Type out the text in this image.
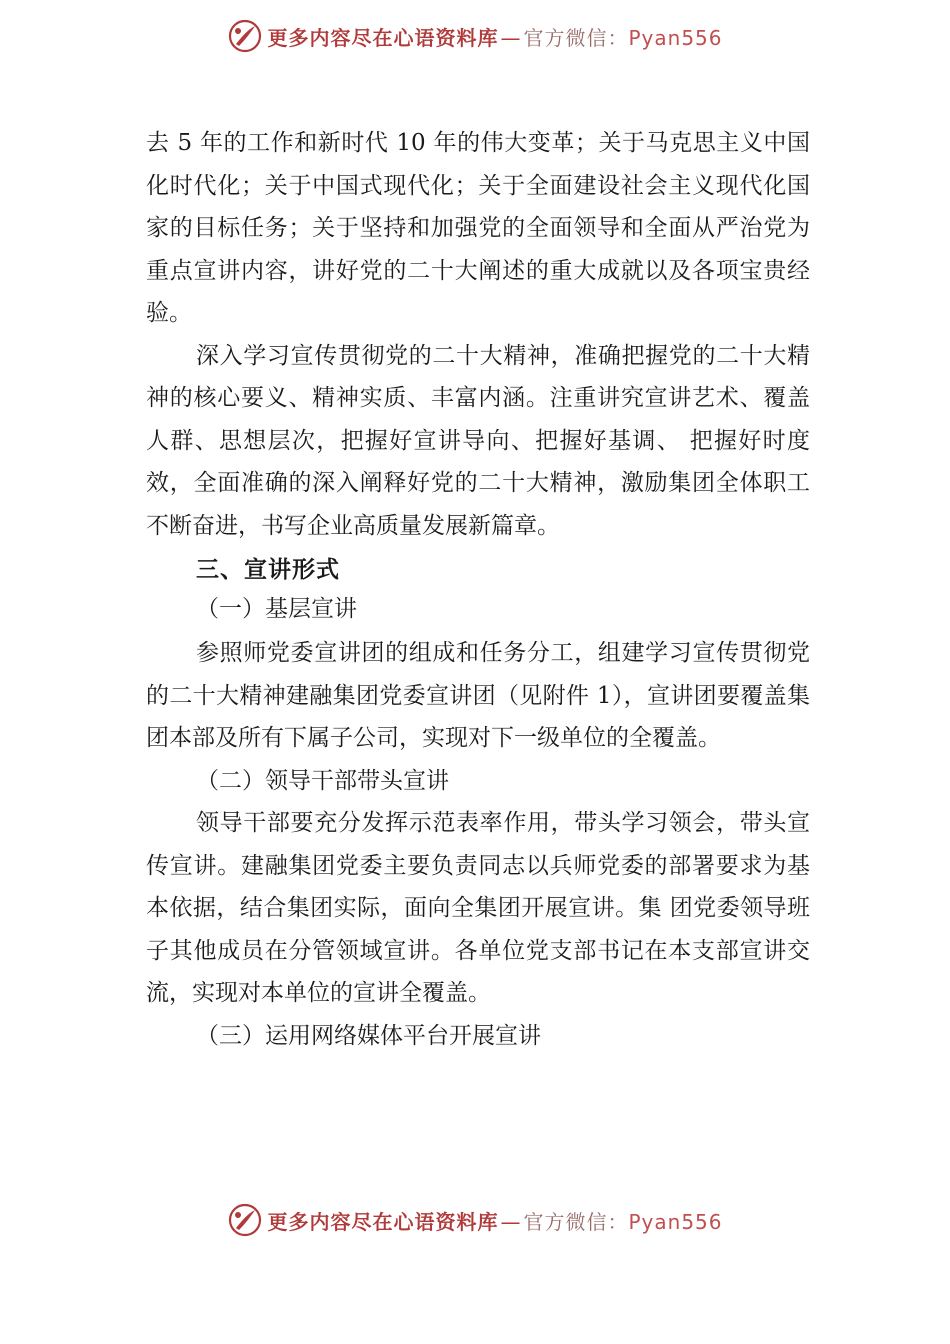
更多内容尽在心语资料库 — 官方微信：Pyan556

去 5 年的工作和新时代 10 年的伟大变革；关于马克思主义中国化时代化；关于中国式现代化；关于全面建设社会主义现代化国家的目标任务；关于坚持和加强党的全面领导和全面从严治党为重点宣讲内容，讲好党的二十大阐述的重大成就以及各项宝贵经验。

深入学习宣传贯彻党的二十大精神，准确把握党的二十大精神的核心要义、精神实质、丰富内涵。注重讲究宣讲艺术、覆盖人群、思想层次，把握好宣讲导向、把握好基调、 把握好时度效，全面准确的深入阐释好党的二十大精神，激励集团全体职工不断奋进，书写企业高质量发展新篇章。

三、宣讲形式

（一）基层宣讲

参照师党委宣讲团的组成和任务分工，组建学习宣传贯彻党的二十大精神建融集团党委宣讲团（见附件 1），宣讲团要覆盖集团本部及所有下属子公司，实现对下一级单位的全覆盖。

（二）领导干部带头宣讲

领导干部要充分发挥示范表率作用，带头学习领会，带头宣传宣讲。建融集团党委主要负责同志以兵师党委的部署要求为基本依据，结合集团实际，面向全集团开展宣讲。集 团党委领导班子其他成员在分管领域宣讲。各单位党支部书记在本支部宣讲交流，实现对本单位的宣讲全覆盖。

（三）运用网络媒体平台开展宣讲

更多内容尽在心语资料库 — 官方微信：Pyan556
